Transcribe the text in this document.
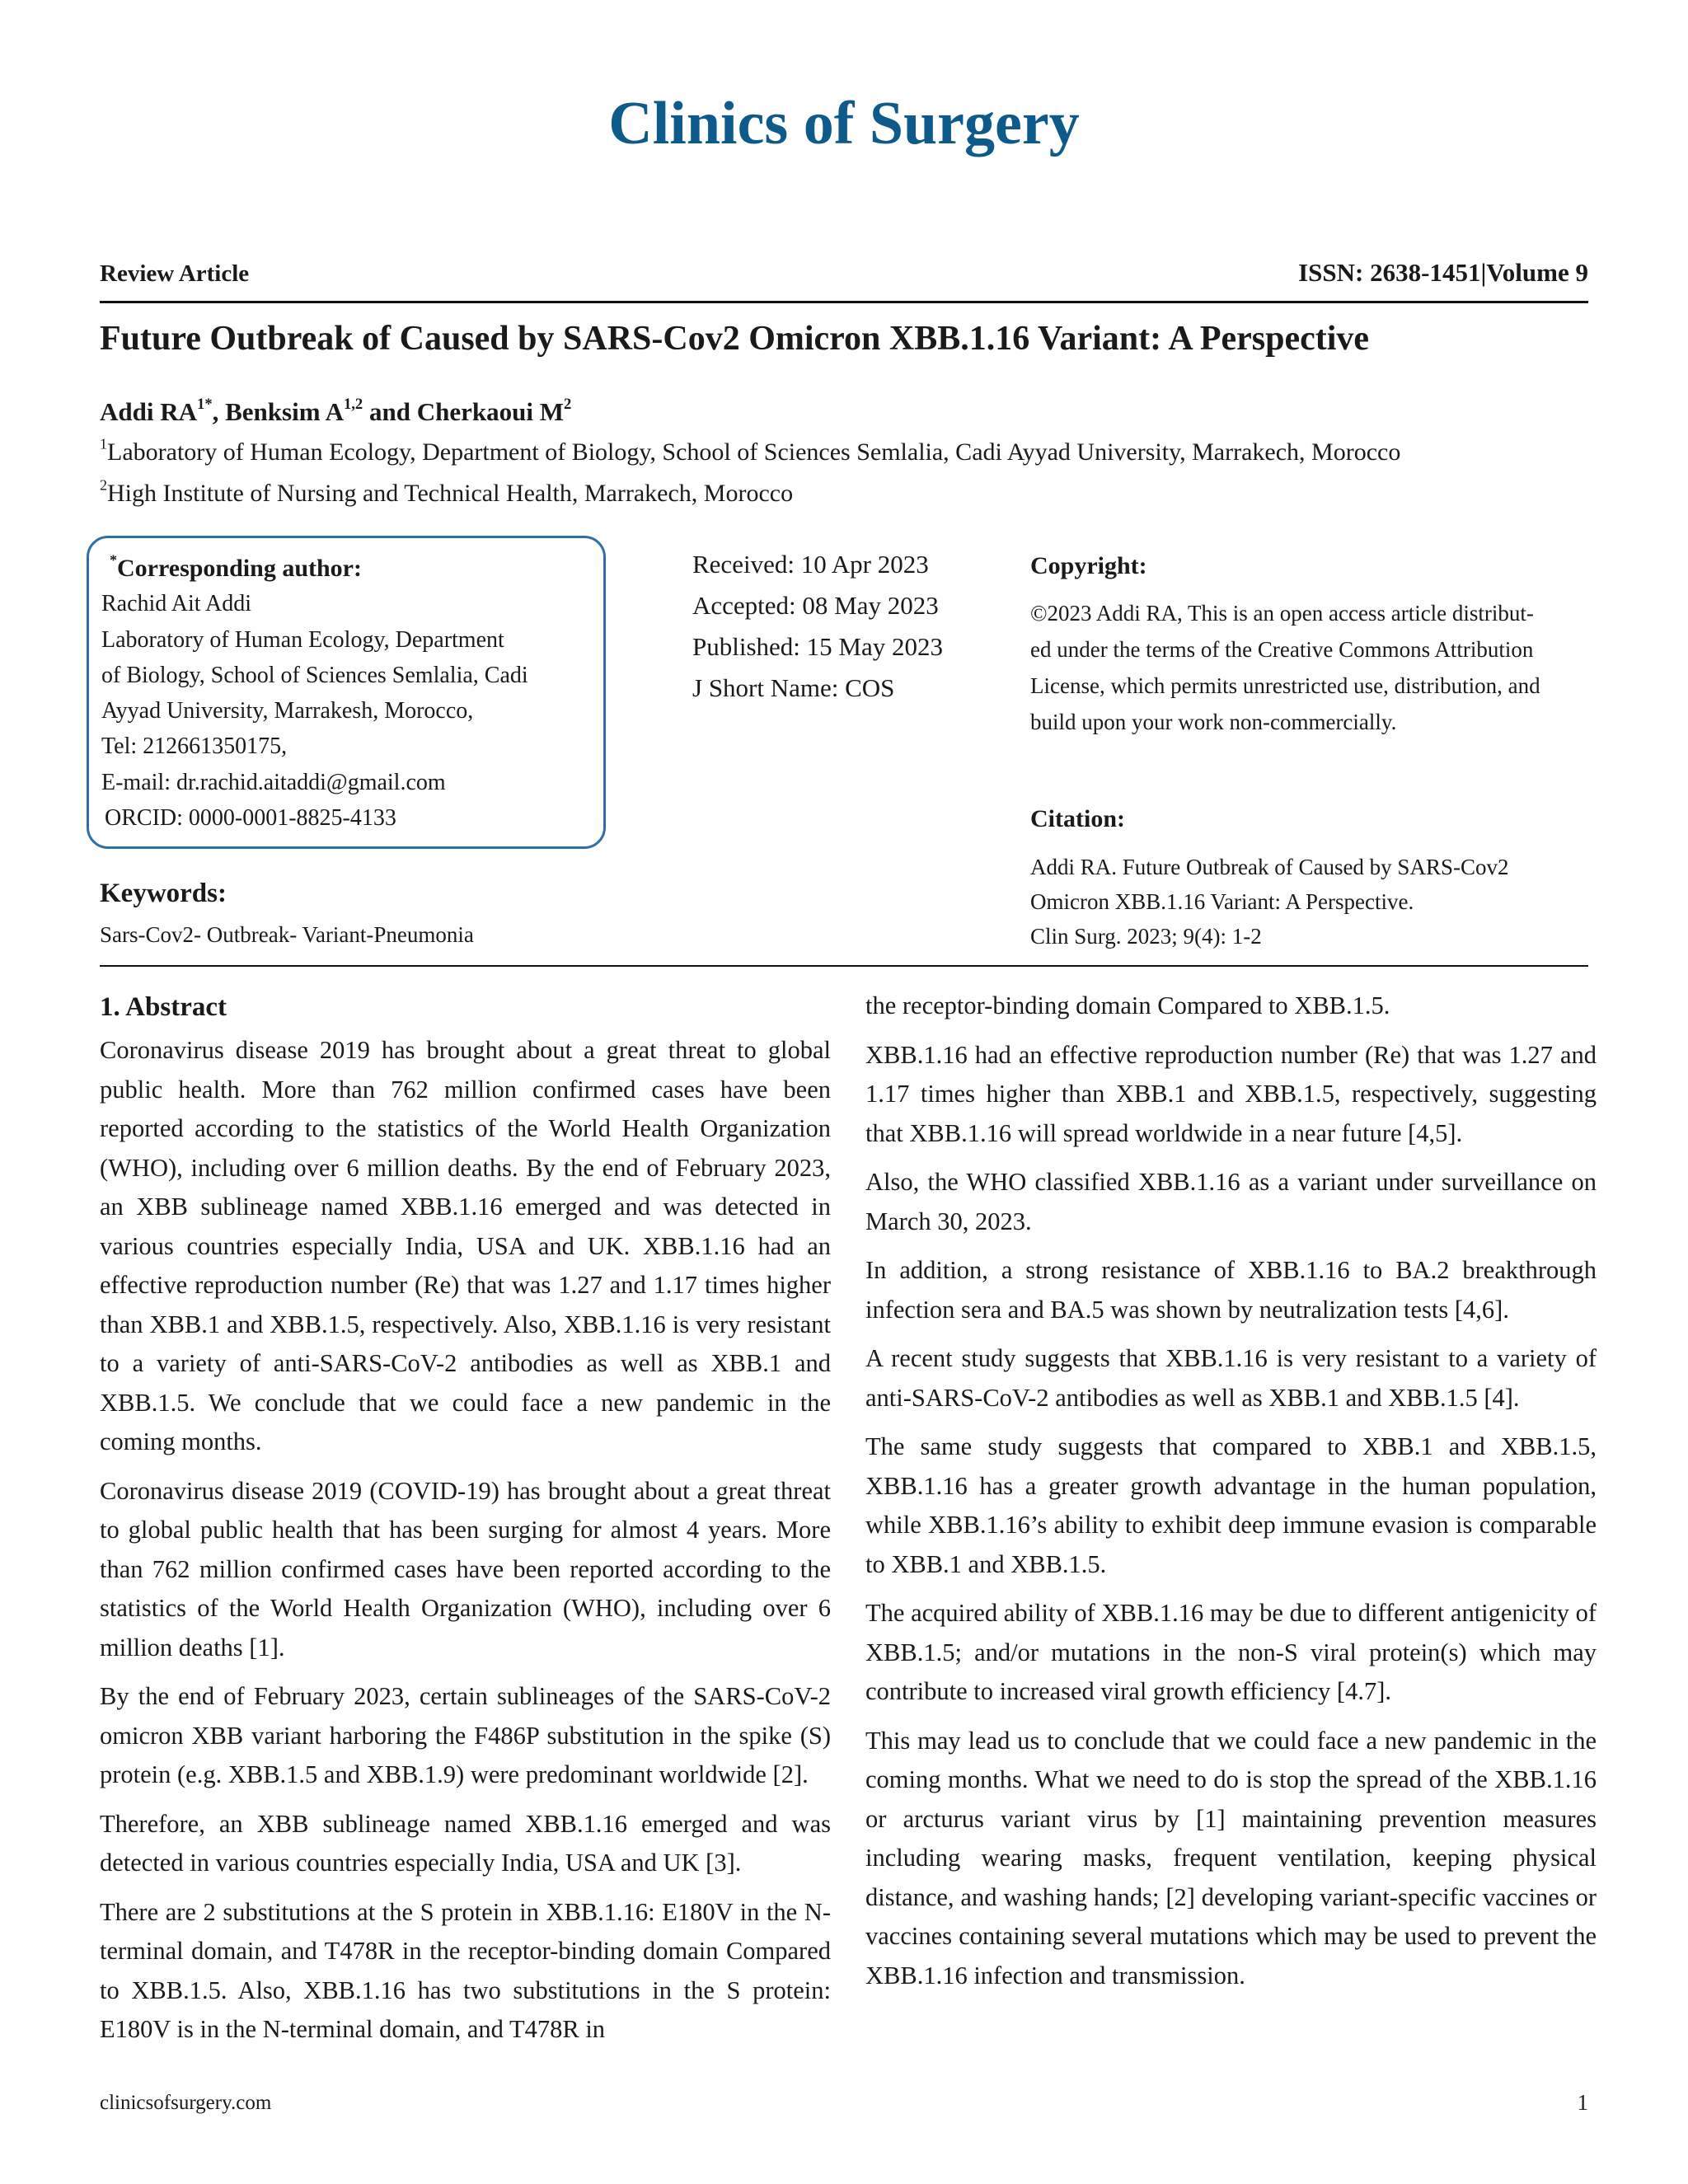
Clinics of Surgery
Review Article	ISSN: 2638-1451|Volume 9
Future Outbreak of Caused by SARS-Cov2 Omicron XBB.1.16 Variant: A Perspective
Addi $RA^{1*}$, Benksim A$^{1,2}$ and Cherkaoui $M^2$
$^1$Laboratory of Human Ecology, Department of Biology, School of Sciences Semlalia, Cadi Ayyad University, Marrakech, Morocco
$^2$High Institute of Nursing and Technical Health, Marrakech, Morocco
*Corresponding author:
Rachid Ait Addi
Laboratory of Human Ecology, Department
of Biology, School of Sciences Semlalia, Cadi
Ayyad University, Marrakesh, Morocco,
Tel: 212661350175,
E-mail: dr.rachid.aitaddi@gmail.com
ORCID: 0000-0001-8825-4133
Received: 10 Apr 2023
Accepted: 08 May 2023
Published: 15 May 2023
J Short Name: COS
Copyright:
©2023 Addi RA, This is an open access article distribut-
ed under the terms of the Creative Commons Attribution
License, which permits unrestricted use, distribution, and
build upon your work non-commercially.
Citation:
Addi RA. Future Outbreak of Caused by SARS-Cov2
Omicron XBB.1.16 Variant: A Perspective.
Clin Surg. 2023; 9(4): 1-2
Keywords:
Sars-Cov2- Outbreak- Variant-Pneumonia
1. Abstract

Coronavirus disease 2019 has brought about a great threat to global public health. More than 762 million confirmed cases have been reported according to the statistics of the World Health Organization (WHO), including over 6 million deaths. By the end of February 2023, an XBB sublineage named XBB.1.16 emerged and was detected in various countries especially India, USA and UK. XBB.1.16 had an effective reproduction number (Re) that was 1.27 and 1.17 times higher than XBB.1 and XBB.1.5, respectively. Also, XBB.1.16 is very resistant to a variety of anti-SARS-CoV-2 antibodies as well as XBB.1 and XBB.1.5. We conclude that we could face a new pandemic in the coming months.

Coronavirus disease 2019 (COVID-19) has brought about a great threat to global public health that has been surging for almost 4 years. More than 762 million confirmed cases have been reported according to the statistics of the World Health Organization (WHO), including over 6 million deaths [1].

By the end of February 2023, certain sublineages of the SARS-CoV-2 omicron XBB variant harboring the F486P substitution in the spike (S) protein (e.g. XBB.1.5 and XBB.1.9) were predominant worldwide [2].

Therefore, an XBB sublineage named XBB.1.16 emerged and was detected in various countries especially India, USA and UK [3].

There are 2 substitutions at the S protein in XBB.1.16: E180V in the N-terminal domain, and T478R in the receptor-binding domain Compared to XBB.1.5. Also, XBB.1.16 has two substitutions in the S protein: E180V is in the N-terminal domain, and T478R in

the receptor-binding domain Compared to XBB.1.5.

XBB.1.16 had an effective reproduction number (Re) that was 1.27 and 1.17 times higher than XBB.1 and XBB.1.5, respectively, suggesting that XBB.1.16 will spread worldwide in a near future [4,5].

Also, the WHO classified XBB.1.16 as a variant under surveillance on March 30, 2023.

In addition, a strong resistance of XBB.1.16 to BA.2 breakthrough infection sera and BA.5 was shown by neutralization tests [4,6].

A recent study suggests that XBB.1.16 is very resistant to a variety of anti-SARS-CoV-2 antibodies as well as XBB.1 and XBB.1.5 [4].

The same study suggests that compared to XBB.1 and XBB.1.5, XBB.1.16 has a greater growth advantage in the human population, while XBB.1.16’s ability to exhibit deep immune evasion is comparable to XBB.1 and XBB.1.5.

The acquired ability of XBB.1.16 may be due to different antigenicity of XBB.1.5; and/or mutations in the non-S viral protein(s) which may contribute to increased viral growth efficiency [4.7].

This may lead us to conclude that we could face a new pandemic in the coming months. What we need to do is stop the spread of the XBB.1.16 or arcturus variant virus by [1] maintaining prevention measures including wearing masks, frequent ventilation, keeping physical distance, and washing hands; [2] developing variant-specific vaccines or vaccines containing several mutations which may be used to prevent the XBB.1.16 infection and transmission.

clinicsofsurgery.com	1
